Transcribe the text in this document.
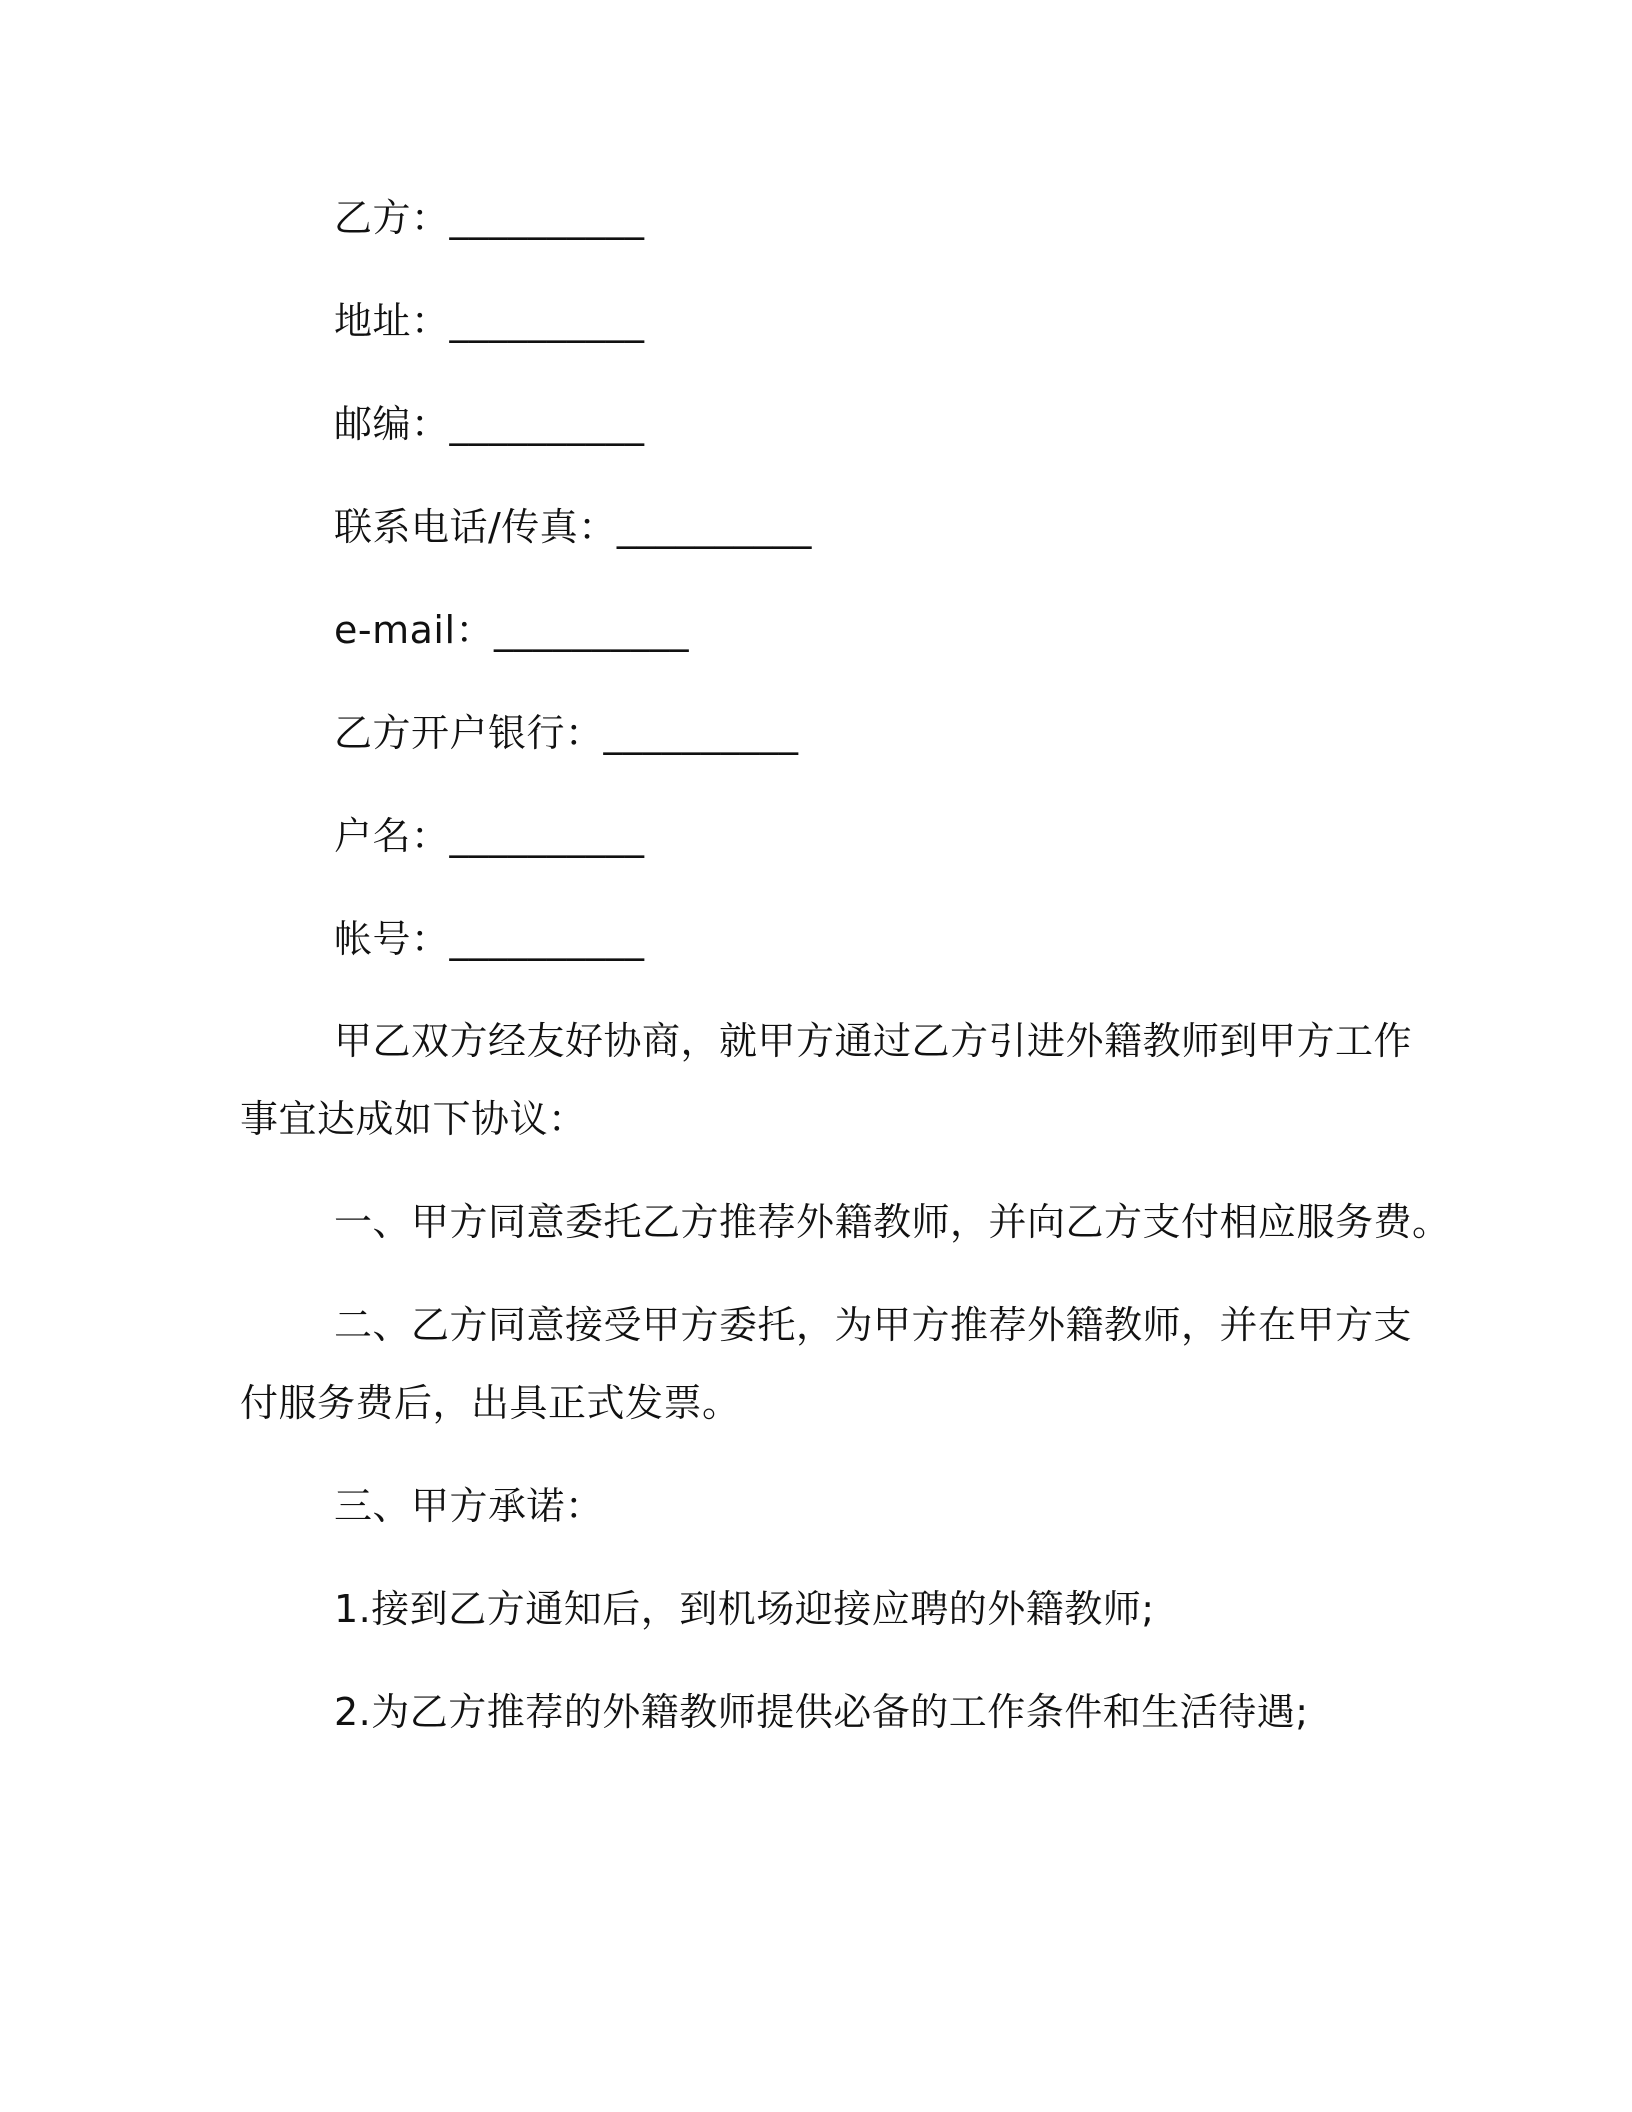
乙方：__________
地址：__________
邮编：__________
联系电话/传真：__________
e-mail：__________
乙方开户银行：__________
户名：__________
帐号：__________
甲乙双方经友好协商，就甲方通过乙方引进外籍教师到甲方工作
事宜达成如下协议：
一、甲方同意委托乙方推荐外籍教师，并向乙方支付相应服务费。
二、乙方同意接受甲方委托，为甲方推荐外籍教师，并在甲方支
付服务费后，出具正式发票。
三、甲方承诺：
1.接到乙方通知后，到机场迎接应聘的外籍教师;
2.为乙方推荐的外籍教师提供必备的工作条件和生活待遇;
